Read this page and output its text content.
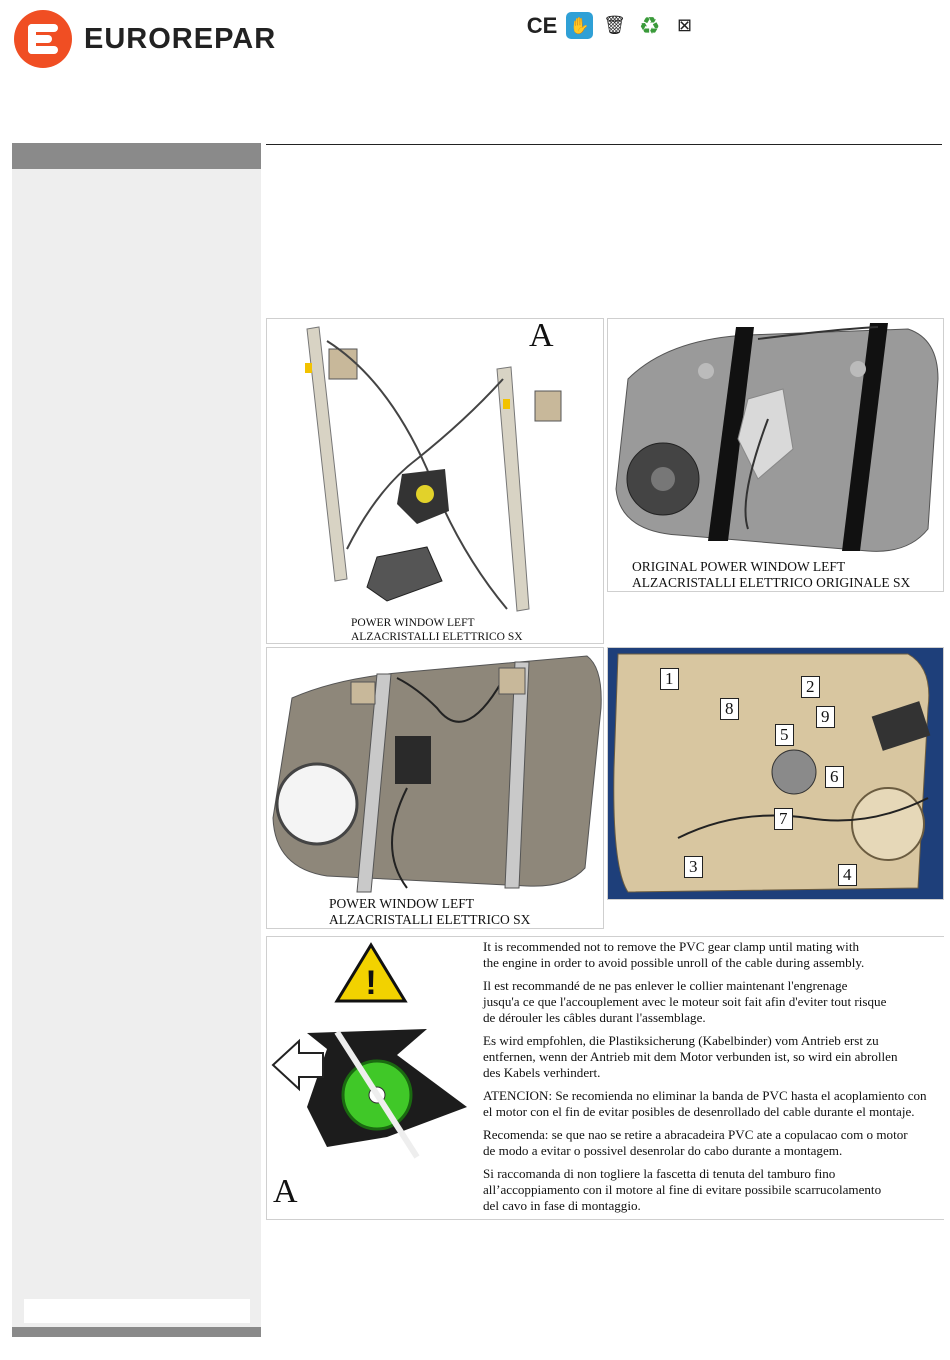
EUROREPAR	CE ✋ 🗑 ♻ ⊠
A
POWER WINDOW LEFT
ALZACRISTALLI ELETTRICO SX
ORIGINAL POWER WINDOW LEFT
ALZACRISTALLI ELETTRICO ORIGINALE SX
POWER WINDOW LEFT
ALZACRISTALLI ELETTRICO SX
1	2
3	4
5
6
7
8	9
!
A

It is recommended not to remove the PVC gear clamp until mating with
the engine in order to avoid possible unroll of the cable during assembly.

Il est recommandé de ne pas enlever le collier maintenant l'engrenage
jusqu'a ce que l'accouplement avec le moteur soit fait afin d'eviter tout risque
de dérouler les câbles durant l'assemblage.

Es wird empfohlen, die Plastiksicherung (Kabelbinder) vom Antrieb erst zu
entfernen, wenn der Antrieb mit dem Motor verbunden ist, so wird ein abrollen
des Kabels verhindert.

ATENCION: Se recomienda no eliminar la banda de PVC hasta el acoplamiento con
el motor con el fin de evitar posibles de desenrollado del cable durante el montaje.

Recomenda: se que nao se retire a abracadeira PVC ate a copulacao com o motor
de modo a evitar o possivel desenrolar do cabo durante a montagem.

Si raccomanda di non togliere la fascetta di tenuta del tamburo fino
all’accoppiamento con il motore al fine di evitare possibile scarrucolamento
del cavo in fase di montaggio.
